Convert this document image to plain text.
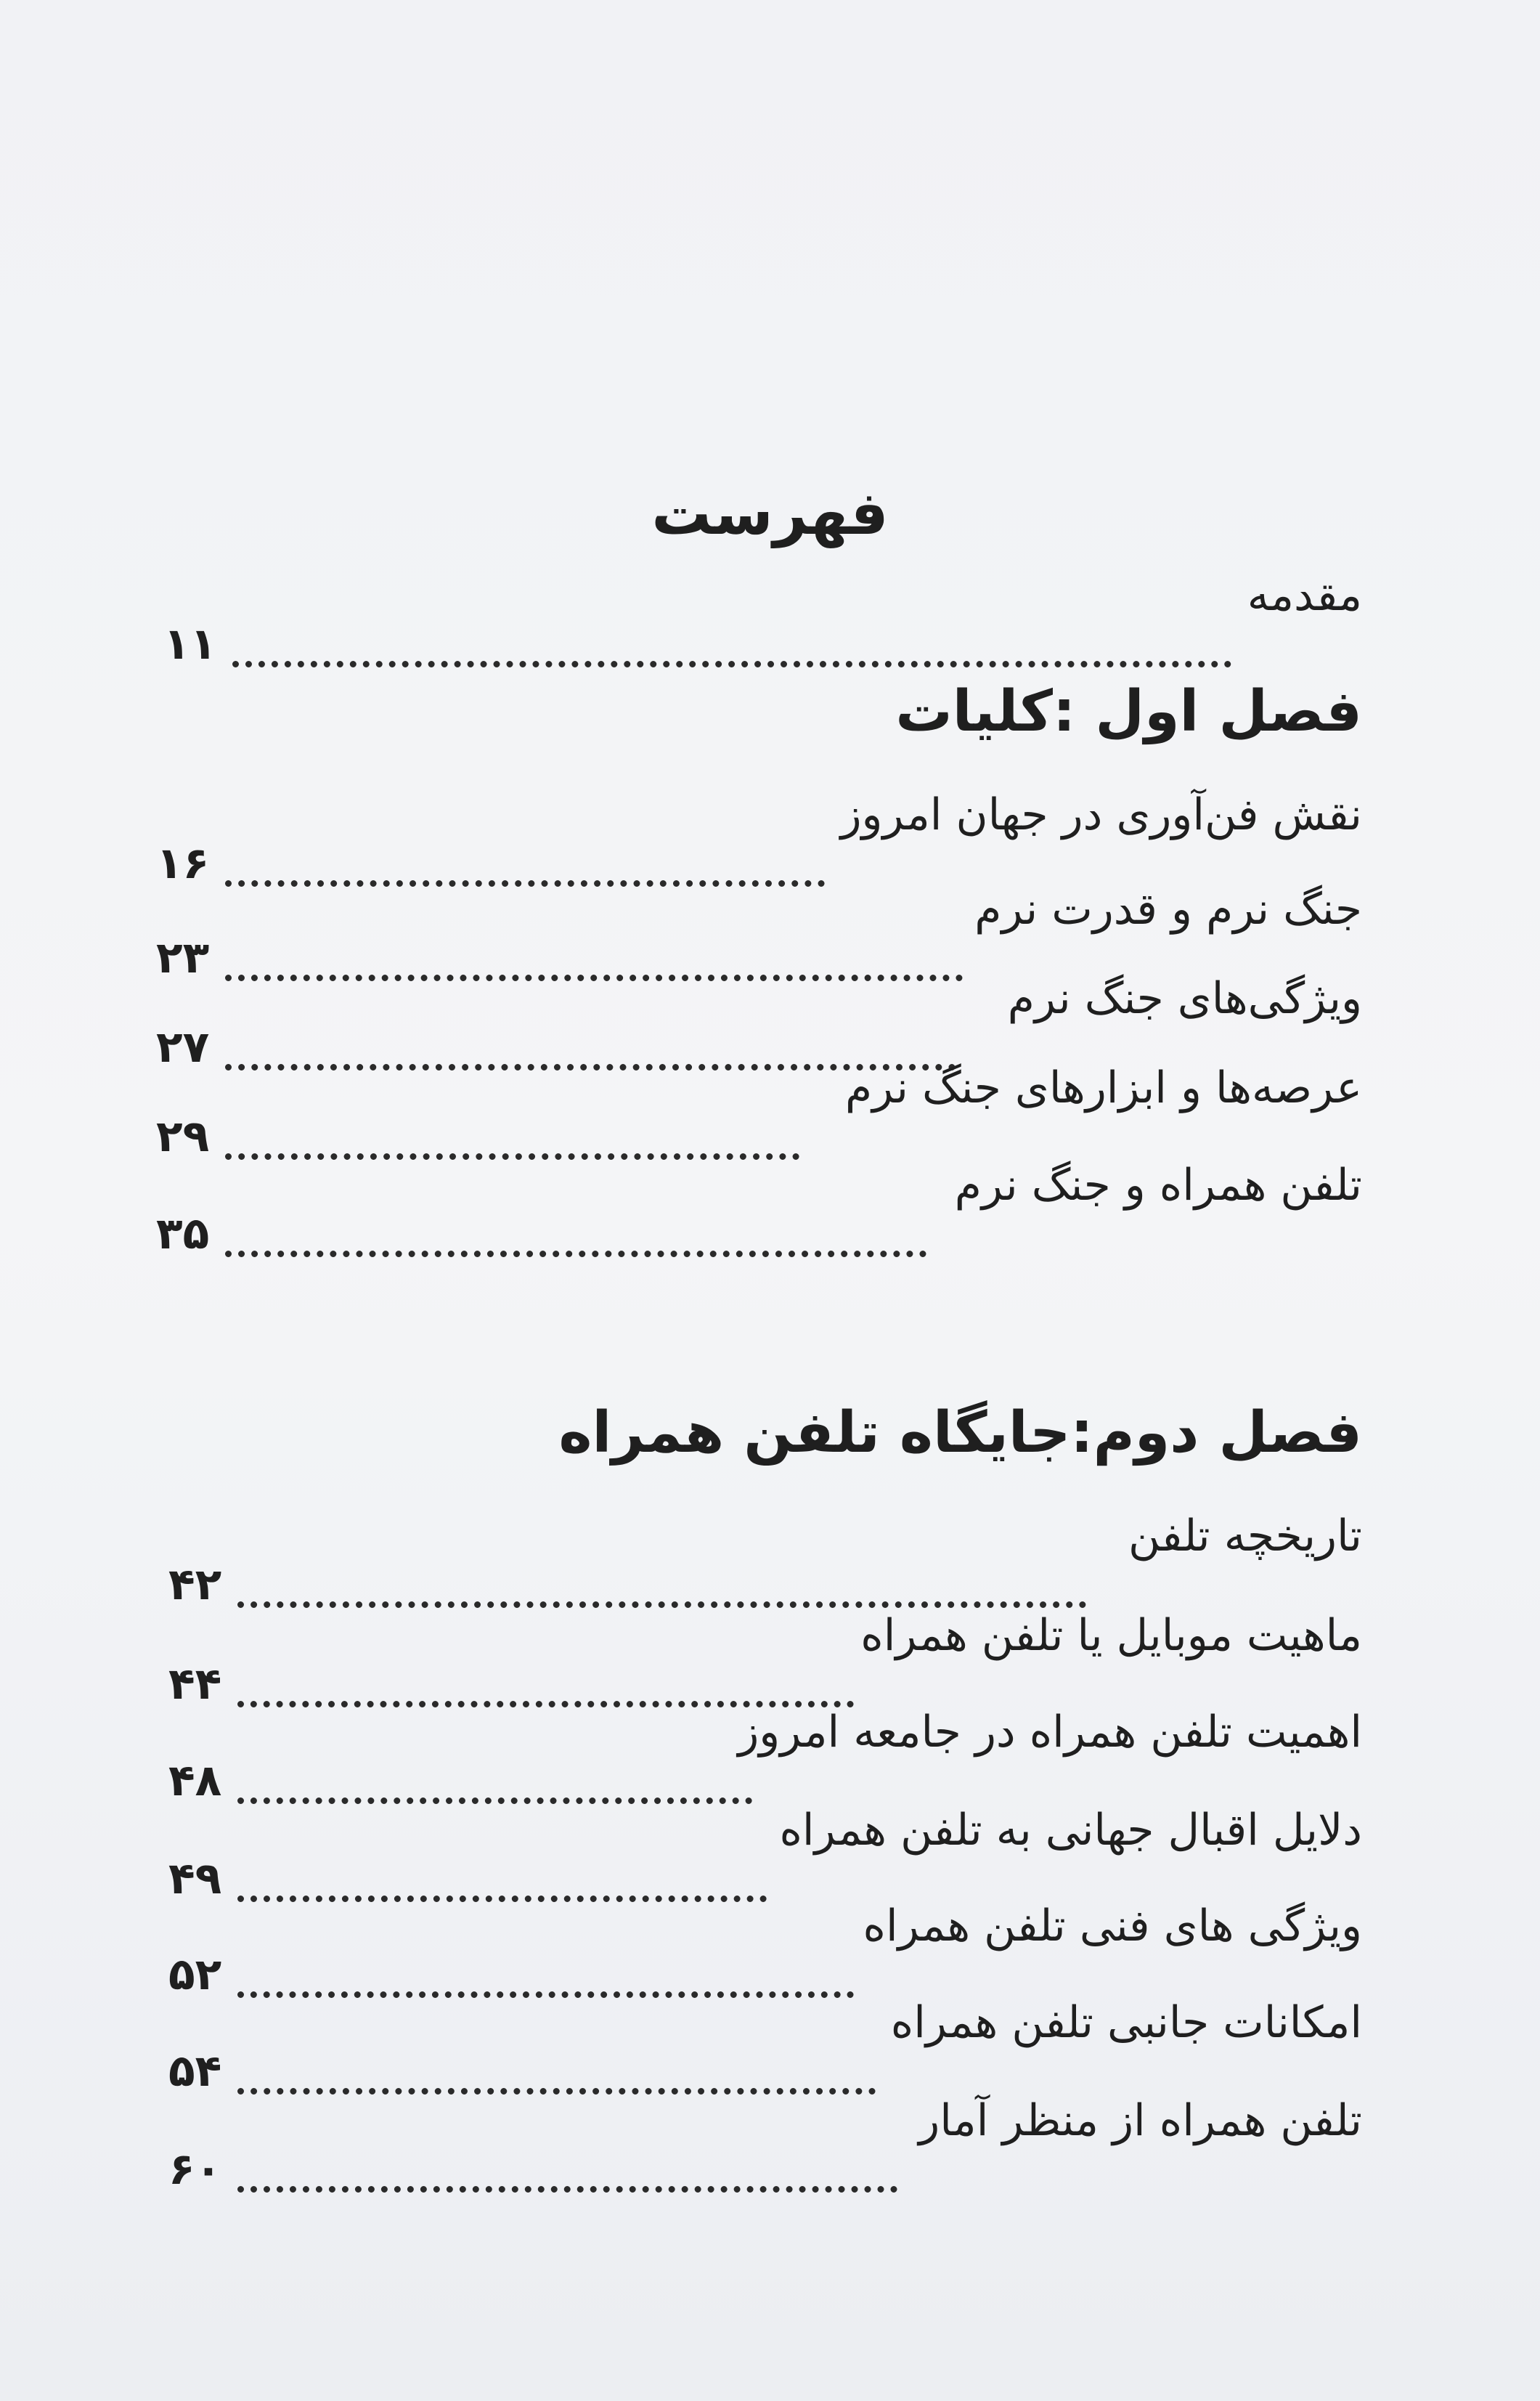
فهرست
مقدمه
۱۱
فصل اول :کلیات
نقش فن‌آوری در جهان امروز
۱۶
جنگ نرم و قدرت نرم
۲۳
ویژگی‌های جنگ نرم
۲۷
عرصه‌ها و ابزارهای جنگ نرم
۲۹
تلفن همراه و جنگ نرم
۳۵
فصل دوم:جایگاه تلفن همراه
تاریخچه تلفن
۴۲
ماهیت موبایل یا تلفن همراه
۴۴
اهمیت تلفن همراه در جامعه امروز
۴۸
دلایل اقبال جهانی به تلفن همراه
۴۹
ویژگی های فنی تلفن همراه
۵۲
امکانات جانبی تلفن همراه
۵۴
تلفن همراه از منظر آمار
۶۰
